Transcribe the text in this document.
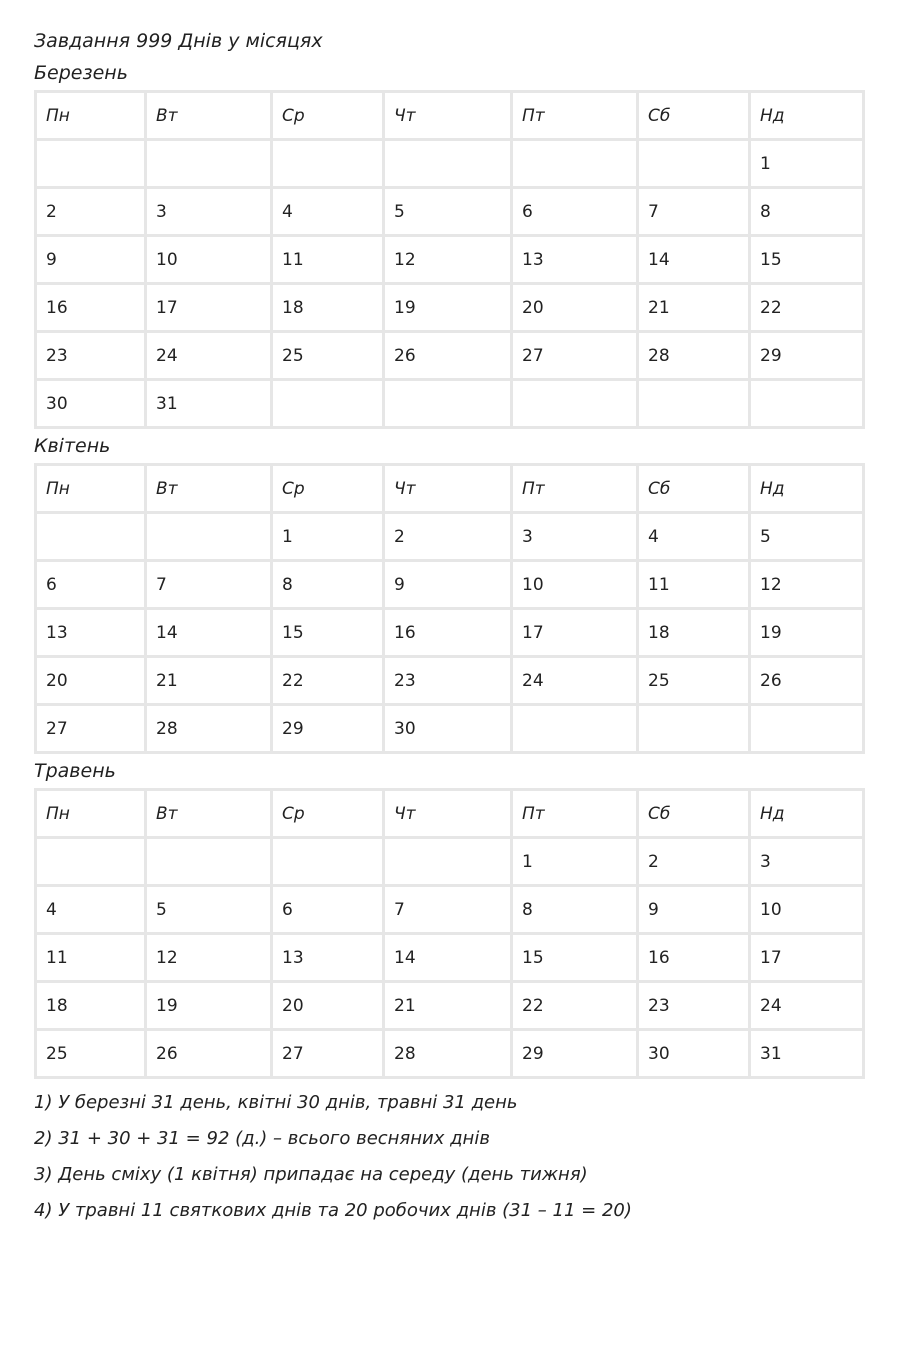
Завдання 999 Днів у місяцях

Березень

Пн	Вт	Ср	Чт	Пт	Сб	Нд
						1
2	3	4	5	6	7	8
9	10	11	12	13	14	15
16	17	18	19	20	21	22
23	24	25	26	27	28	29
30	31					

Квітень

Пн	Вт	Ср	Чт	Пт	Сб	Нд
		1	2	3	4	5
6	7	8	9	10	11	12
13	14	15	16	17	18	19
20	21	22	23	24	25	26
27	28	29	30			

Травень

Пн	Вт	Ср	Чт	Пт	Сб	Нд
				1	2	3
4	5	6	7	8	9	10
11	12	13	14	15	16	17
18	19	20	21	22	23	24
25	26	27	28	29	30	31

1) У березні 31 день, квітні 30 днів, травні 31 день

2) 31 + 30 + 31 = 92 (д.) – всього весняних днів

3) День сміху (1 квітня) припадає на середу (день тижня)

4) У травні 11 святкових днів та 20 робочих днів (31 – 11 = 20)
